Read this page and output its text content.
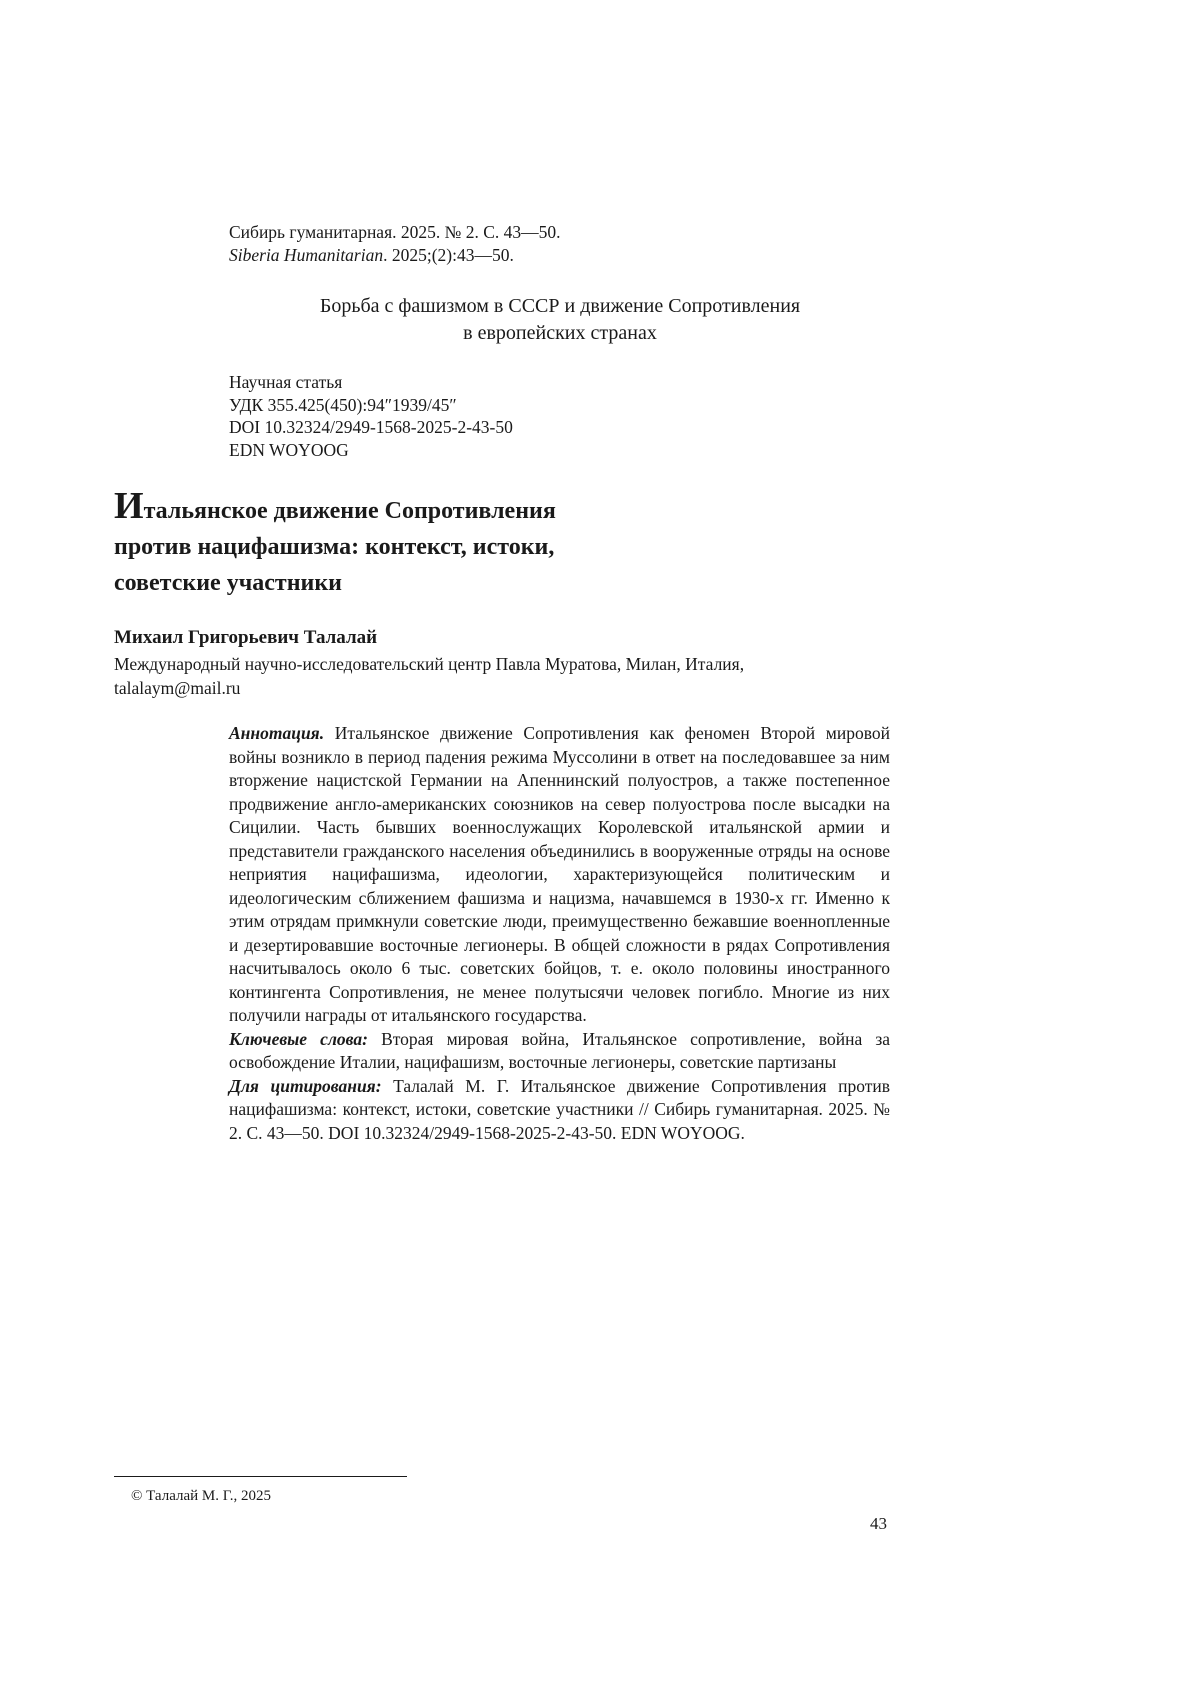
Сибирь гуманитарная. 2025. № 2. С. 43—50.
Siberia Humanitarian. 2025;(2):43—50.
Борьба с фашизмом в СССР и движение Сопротивления
в европейских странах
Научная статья
УДК 355.425(450):94″1939/45″
DOI 10.32324/2949-1568-2025-2-43-50
EDN WOYOOG
Итальянское движение Сопротивления
против нацифашизма: контекст, истоки,
советские участники
Михаил Григорьевич Талалай
Международный научно-исследовательский центр Павла Муратова, Милан, Италия,
talalaym@mail.ru

Аннотация. Итальянское движение Сопротивления как феномен Второй мировой войны возникло в период падения режима Муссолини в ответ на последовавшее за ним вторжение нацистской Германии на Апеннинский полуостров, а также постепенное продвижение англо-американских союзников на север полуострова после высадки на Сицилии. Часть бывших военнослужащих Королевской итальянской армии и представители гражданского населения объединились в вооруженные отряды на основе неприятия нацифашизма, идеологии, характеризующейся политическим и идеологическим сближением фашизма и нацизма, начавшемся в 1930-х гг. Именно к этим отрядам примкнули советские люди, преимущественно бежавшие военнопленные и дезертировавшие восточные легионеры. В общей сложности в рядах Сопротивления насчитывалось около 6 тыс. советских бойцов, т. е. около половины иностранного контингента Сопротивления, не менее полутысячи человек погибло. Многие из них получили награды от итальянского государства.

Ключевые слова: Вторая мировая война, Итальянское сопротивление, война за освобождение Италии, нацифашизм, восточные легионеры, советские партизаны

Для цитирования: Талалай М. Г. Итальянское движение Сопротивления против нацифашизма: контекст, истоки, советские участники // Сибирь гуманитарная. 2025. № 2. С. 43—50. DOI 10.32324/2949-1568-2025-2-43-50. EDN WOYOOG.

© Талалай М. Г., 2025
43
